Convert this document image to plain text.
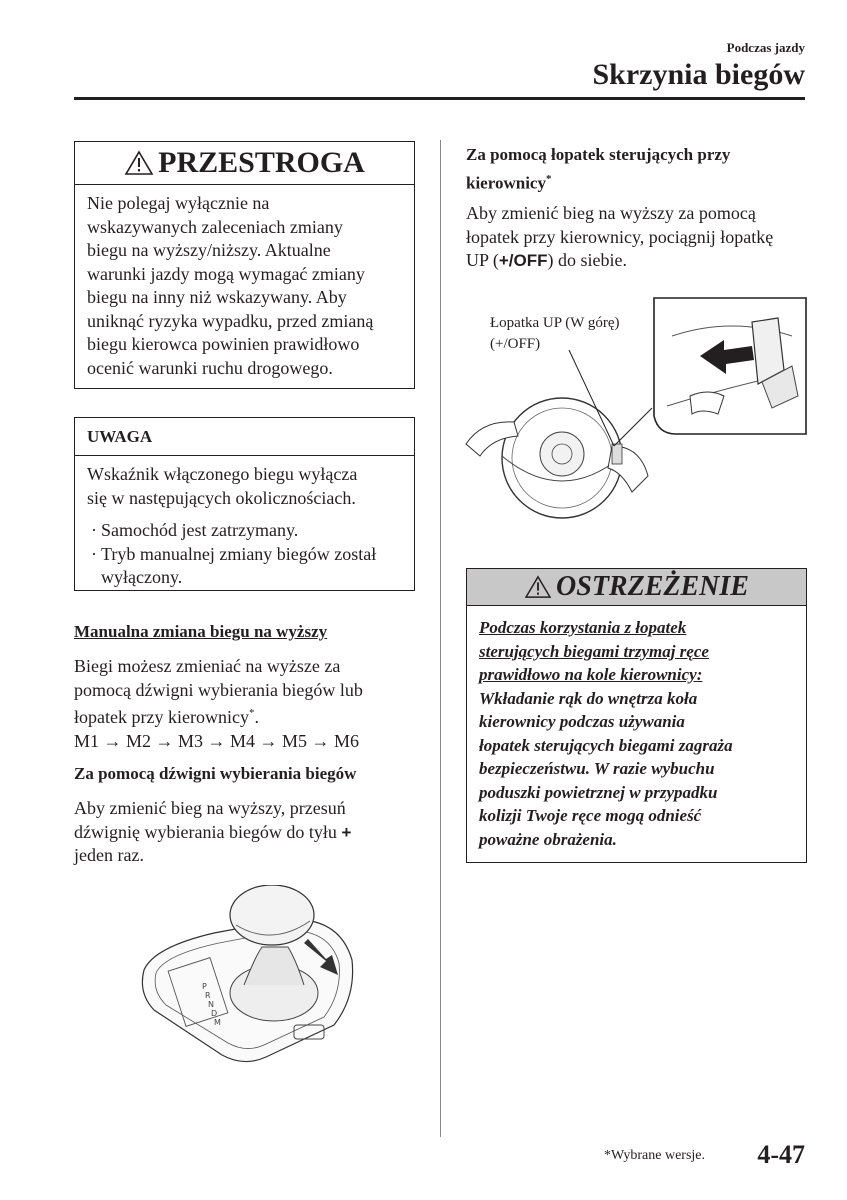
Podczas jazdy
Skrzynia biegów
PRZESTROGA
Nie polegaj wyłącznie na
wskazywanych zaleceniach zmiany
biegu na wyższy/niższy. Aktualne
warunki jazdy mogą wymagać zmiany
biegu na inny niż wskazywany. Aby
uniknąć ryzyka wypadku, przed zmianą
biegu kierowca powinien prawidłowo
ocenić warunki ruchu drogowego.
UWAGA
Wskaźnik włączonego biegu wyłącza
się w następujących okolicznościach.
· Samochód jest zatrzymany.
· Tryb manualnej zmiany biegów został
wyłączony.
Manualna zmiana biegu na wyższy
Biegi możesz zmieniać na wyższe za
pomocą dźwigni wybierania biegów lub
łopatek przy kierownicy*.
M1 → M2 → M3 → M4 → M5 → M6
Za pomocą dźwigni wybierania biegów
Aby zmienić bieg na wyższy, przesuń
dźwignię wybierania biegów do tyłu +
jeden raz.
P
R
N
D
M
Za pomocą łopatek sterujących przy
kierownicy*
Aby zmienić bieg na wyższy za pomocą
łopatek przy kierownicy, pociągnij łopatkę
UP (+/OFF) do siebie.
Łopatka UP (W górę)
(+/OFF)
OSTRZEŻENIE
Podczas korzystania z łopatek
sterujących biegami trzymaj ręce
prawidłowo na kole kierownicy:
Wkładanie rąk do wnętrza koła
kierownicy podczas używania
łopatek sterujących biegami zagraża
bezpieczeństwu. W razie wybuchu
poduszki powietrznej w przypadku
kolizji Twoje ręce mogą odnieść
poważne obrażenia.
*Wybrane wersje. 4-47
